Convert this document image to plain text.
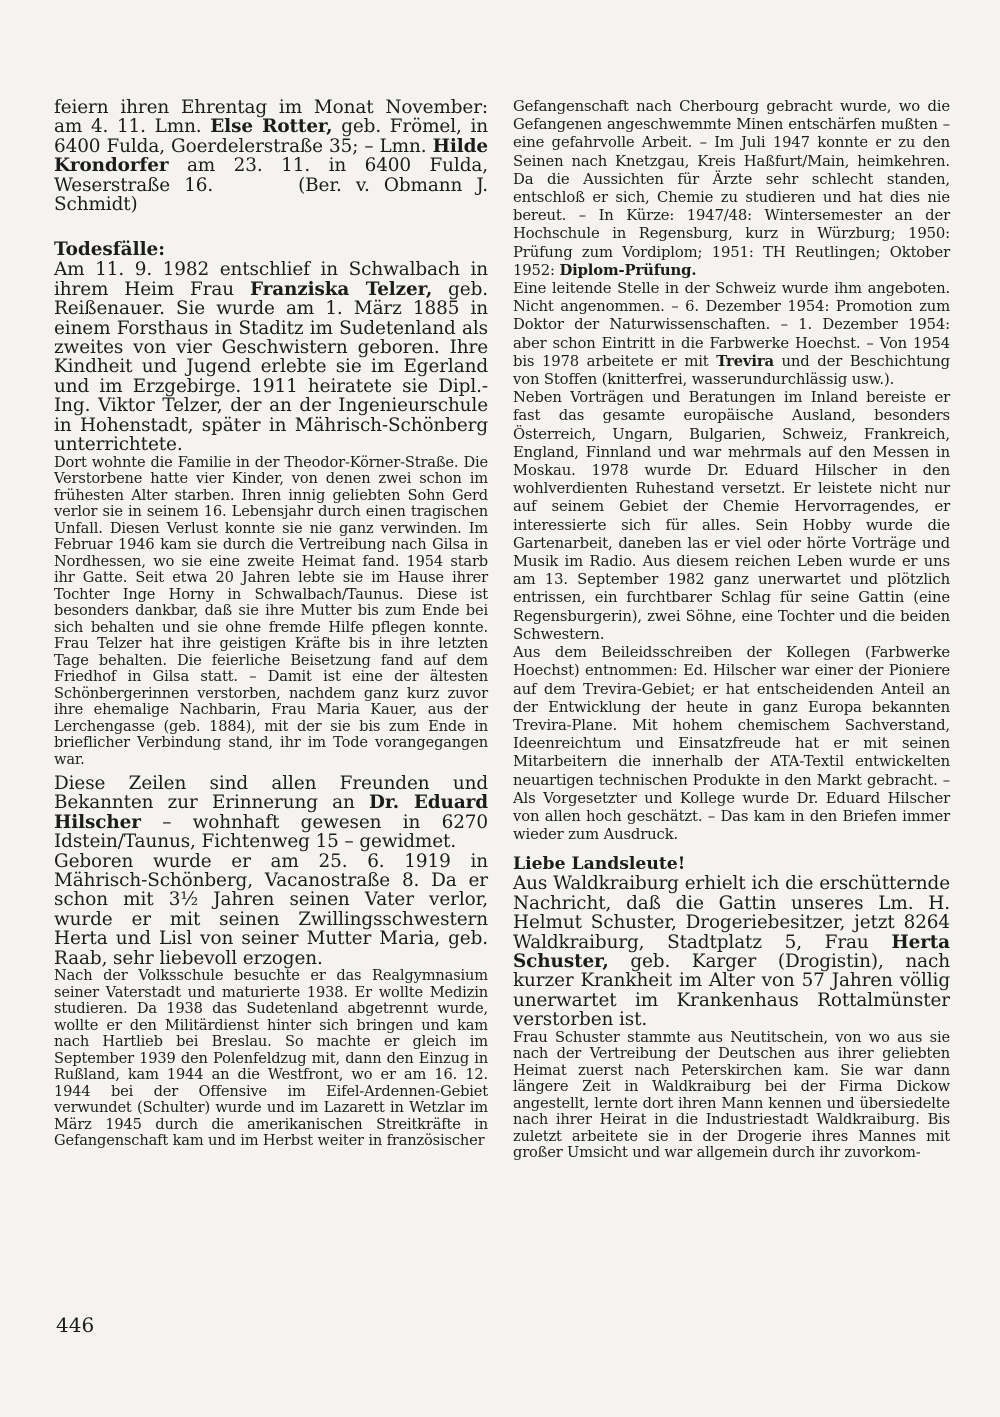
feiern ihren Ehrentag im Monat November: am 4. 11. Lmn. Else Rotter, geb. Frömel, in 6400 Fulda, Goerdelerstraße 35; – Lmn. Hilde Krondorfer am 23. 11. in 6400 Fulda, Weserstraße 16.	(Ber. v. Obmann J. Schmidt)

Todesfälle:

Am 11. 9. 1982 entschlief in Schwalbach in ihrem Heim Frau Franziska Telzer, geb. Reißenauer. Sie wurde am 1. März 1885 in einem Forsthaus in Staditz im Sudetenland als zweites von vier Geschwistern geboren. Ihre Kindheit und Jugend erlebte sie im Egerland und im Erzgebirge. 1911 heiratete sie Dipl.-Ing. Viktor Telzer, der an der Ingenieurschule in Hohenstadt, später in Mährisch-Schönberg unterrichtete.

Dort wohnte die Familie in der Theodor-Körner-Straße. Die Verstorbene hatte vier Kinder, von denen zwei schon im frühesten Alter starben. Ihren innig geliebten Sohn Gerd verlor sie in seinem 16. Lebensjahr durch einen tragischen Unfall. Diesen Verlust konnte sie nie ganz verwinden. Im Februar 1946 kam sie durch die Vertreibung nach Gilsa in Nordhessen, wo sie eine zweite Heimat fand. 1954 starb ihr Gatte. Seit etwa 20 Jahren lebte sie im Hause ihrer Tochter Inge Horny in Schwalbach/Taunus. Diese ist besonders dankbar, daß sie ihre Mutter bis zum Ende bei sich behalten und sie ohne fremde Hilfe pflegen konnte. Frau Telzer hat ihre geistigen Kräfte bis in ihre letzten Tage behalten. Die feierliche Beisetzung fand auf dem Friedhof in Gilsa statt. – Damit ist eine der ältesten Schönbergerinnen verstorben, nachdem ganz kurz zuvor ihre ehemalige Nachbarin, Frau Maria Kauer, aus der Lerchengasse (geb. 1884), mit der sie bis zum Ende in brieflicher Verbindung stand, ihr im Tode vorangegangen war.

Diese Zeilen sind allen Freunden und Bekannten zur Erinnerung an Dr. Eduard Hilscher – wohnhaft gewesen in 6270 Idstein/Taunus, Fichtenweg 15 – gewidmet.

Geboren wurde er am 25. 6. 1919 in Mährisch-Schönberg, Vacanostraße 8. Da er schon mit 3½ Jahren seinen Vater verlor, wurde er mit seinen Zwillingsschwestern Herta und Lisl von seiner Mutter Maria, geb. Raab, sehr liebevoll erzogen.

Nach der Volksschule besuchte er das Realgymnasium seiner Vaterstadt und maturierte 1938. Er wollte Medizin studieren. Da 1938 das Sudetenland abgetrennt wurde, wollte er den Militärdienst hinter sich bringen und kam nach Hartlieb bei Breslau. So machte er gleich im September 1939 den Polenfeldzug mit, dann den Einzug in Rußland, kam 1944 an die Westfront, wo er am 16. 12. 1944 bei der Offensive im Eifel-Ardennen-Gebiet verwundet (Schulter) wurde und im Lazarett in Wetzlar im März 1945 durch die amerikanischen Streitkräfte in Gefangenschaft kam und im Herbst weiter in französischer

Gefangenschaft nach Cherbourg gebracht wurde, wo die Gefangenen angeschwemmte Minen entschärfen mußten – eine gefahrvolle Arbeit. – Im Juli 1947 konnte er zu den Seinen nach Knetzgau, Kreis Haßfurt/Main, heimkehren. Da die Aussichten für Ärzte sehr schlecht standen, entschloß er sich, Chemie zu studieren und hat dies nie bereut. – In Kürze: 1947/48: Wintersemester an der Hochschule in Regensburg, kurz in Würzburg; 1950: Prüfung zum Vordiplom; 1951: TH Reutlingen; Oktober 1952: Diplom-Prüfung.

Eine leitende Stelle in der Schweiz wurde ihm angeboten. Nicht angenommen. – 6. Dezember 1954: Promotion zum Doktor der Naturwissenschaften. – 1. Dezember 1954: aber schon Eintritt in die Farbwerke Hoechst. – Von 1954 bis 1978 arbeitete er mit Trevira und der Beschichtung von Stoffen (knitterfrei, wasserundurchlässig usw.).

Neben Vorträgen und Beratungen im Inland bereiste er fast das gesamte europäische Ausland, besonders Österreich, Ungarn, Bulgarien, Schweiz, Frankreich, England, Finnland und war mehrmals auf den Messen in Moskau. 1978 wurde Dr. Eduard Hilscher in den wohlverdienten Ruhestand versetzt. Er leistete nicht nur auf seinem Gebiet der Chemie Hervorragendes, er interessierte sich für alles. Sein Hobby wurde die Gartenarbeit, daneben las er viel oder hörte Vorträge und Musik im Radio. Aus diesem reichen Leben wurde er uns am 13. September 1982 ganz unerwartet und plötzlich entrissen, ein furchtbarer Schlag für seine Gattin (eine Regensburgerin), zwei Söhne, eine Tochter und die beiden Schwestern.

Aus dem Beileidsschreiben der Kollegen (Farbwerke Hoechst) entnommen: Ed. Hilscher war einer der Pioniere auf dem Trevira-Gebiet; er hat entscheidenden Anteil an der Entwicklung der heute in ganz Europa bekannten Trevira-Plane. Mit hohem chemischem Sachverstand, Ideenreichtum und Einsatzfreude hat er mit seinen Mitarbeitern die innerhalb der ATA-Textil entwickelten neuartigen technischen Produkte in den Markt gebracht. – Als Vorgesetzter und Kollege wurde Dr. Eduard Hilscher von allen hoch geschätzt. – Das kam in den Briefen immer wieder zum Ausdruck.

Liebe Landsleute!

Aus Waldkraiburg erhielt ich die erschütternde Nachricht, daß die Gattin unseres Lm. H. Helmut Schuster, Drogeriebesitzer, jetzt 8264 Waldkraiburg, Stadtplatz 5, Frau Herta Schuster, geb. Karger (Drogistin), nach kurzer Krankheit im Alter von 57 Jahren völlig unerwartet im Krankenhaus Rottalmünster verstorben ist.

Frau Schuster stammte aus Neutitschein, von wo aus sie nach der Vertreibung der Deutschen aus ihrer geliebten Heimat zuerst nach Peterskirchen kam. Sie war dann längere Zeit in Waldkraiburg bei der Firma Dickow angestellt, lernte dort ihren Mann kennen und übersiedelte nach ihrer Heirat in die Industriestadt Waldkraiburg. Bis zuletzt arbeitete sie in der Drogerie ihres Mannes mit großer Umsicht und war allgemein durch ihr zuvorkom-

446
